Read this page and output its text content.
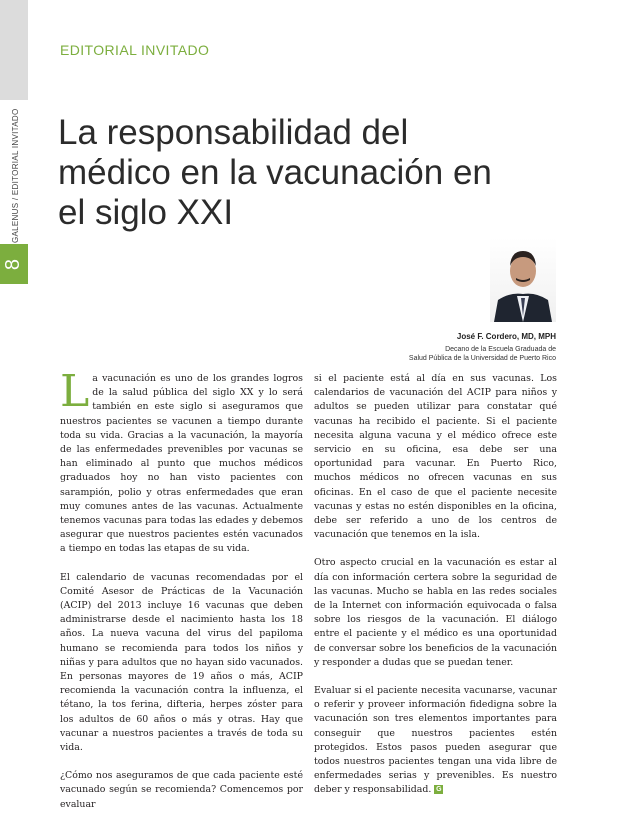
GALENUS / EDITORIAL INVITADO
8
EDITORIAL INVITADO
La responsabilidad del médico en la vacunación en el siglo XXI
José F. Cordero, MD, MPH
Decano de la Escuela Graduada de
Salud Pública de la Universidad de Puerto Rico

La vacunación es uno de los grandes logros de la salud pública del siglo XX y lo será también en este siglo si aseguramos que nuestros pacientes se vacunen a tiempo durante toda su vida. Gracias a la vacunación, la mayoría de las enfermedades prevenibles por vacunas se han eliminado al punto que muchos médicos graduados hoy no han visto pacientes con sarampión, polio y otras enfermedades que eran muy comunes antes de las vacunas. Actualmente tenemos vacunas para todas las edades y debemos asegurar que nuestros pacientes estén vacunados a tiempo en todas las etapas de su vida.

El calendario de vacunas recomendadas por el Comité Asesor de Prácticas de la Vacunación (ACIP) del 2013 incluye 16 vacunas que deben administrarse desde el nacimiento hasta los 18 años. La nueva vacuna del virus del papiloma humano se recomienda para todos los niños y niñas y para adultos que no hayan sido vacunados. En personas mayores de 19 años o más, ACIP recomienda la vacunación contra la influenza, el tétano, la tos ferina, difteria, herpes zóster para los adultos de 60 años o más y otras. Hay que vacunar a nuestros pacientes a través de toda su vida.

¿Cómo nos aseguramos de que cada paciente esté vacunado según se recomienda? Comencemos por evaluar

si el paciente está al día en sus vacunas. Los calendarios de vacunación del ACIP para niños y adultos se pueden utilizar para constatar qué vacunas ha recibido el paciente. Si el paciente necesita alguna vacuna y el médico ofrece este servicio en su oficina, esa debe ser una oportunidad para vacunar. En Puerto Rico, muchos médicos no ofrecen vacunas en sus oficinas. En el caso de que el paciente necesite vacunas y estas no estén disponibles en la oficina, debe ser referido a uno de los centros de vacunación que tenemos en la isla.

Otro aspecto crucial en la vacunación es estar al día con información certera sobre la seguridad de las vacunas. Mucho se habla en las redes sociales de la Internet con información equivocada o falsa sobre los riesgos de la vacunación. El diálogo entre el paciente y el médico es una oportunidad de conversar sobre los beneficios de la vacunación y responder a dudas que se puedan tener.

Evaluar si el paciente necesita vacunarse, vacunar o referir y proveer información fidedigna sobre la vacunación son tres elementos importantes para conseguir que nuestros pacientes estén protegidos. Estos pasos pueden asegurar que todos nuestros pacientes tengan una vida libre de enfermedades serias y prevenibles. Es nuestro deber y responsabilidad. G
